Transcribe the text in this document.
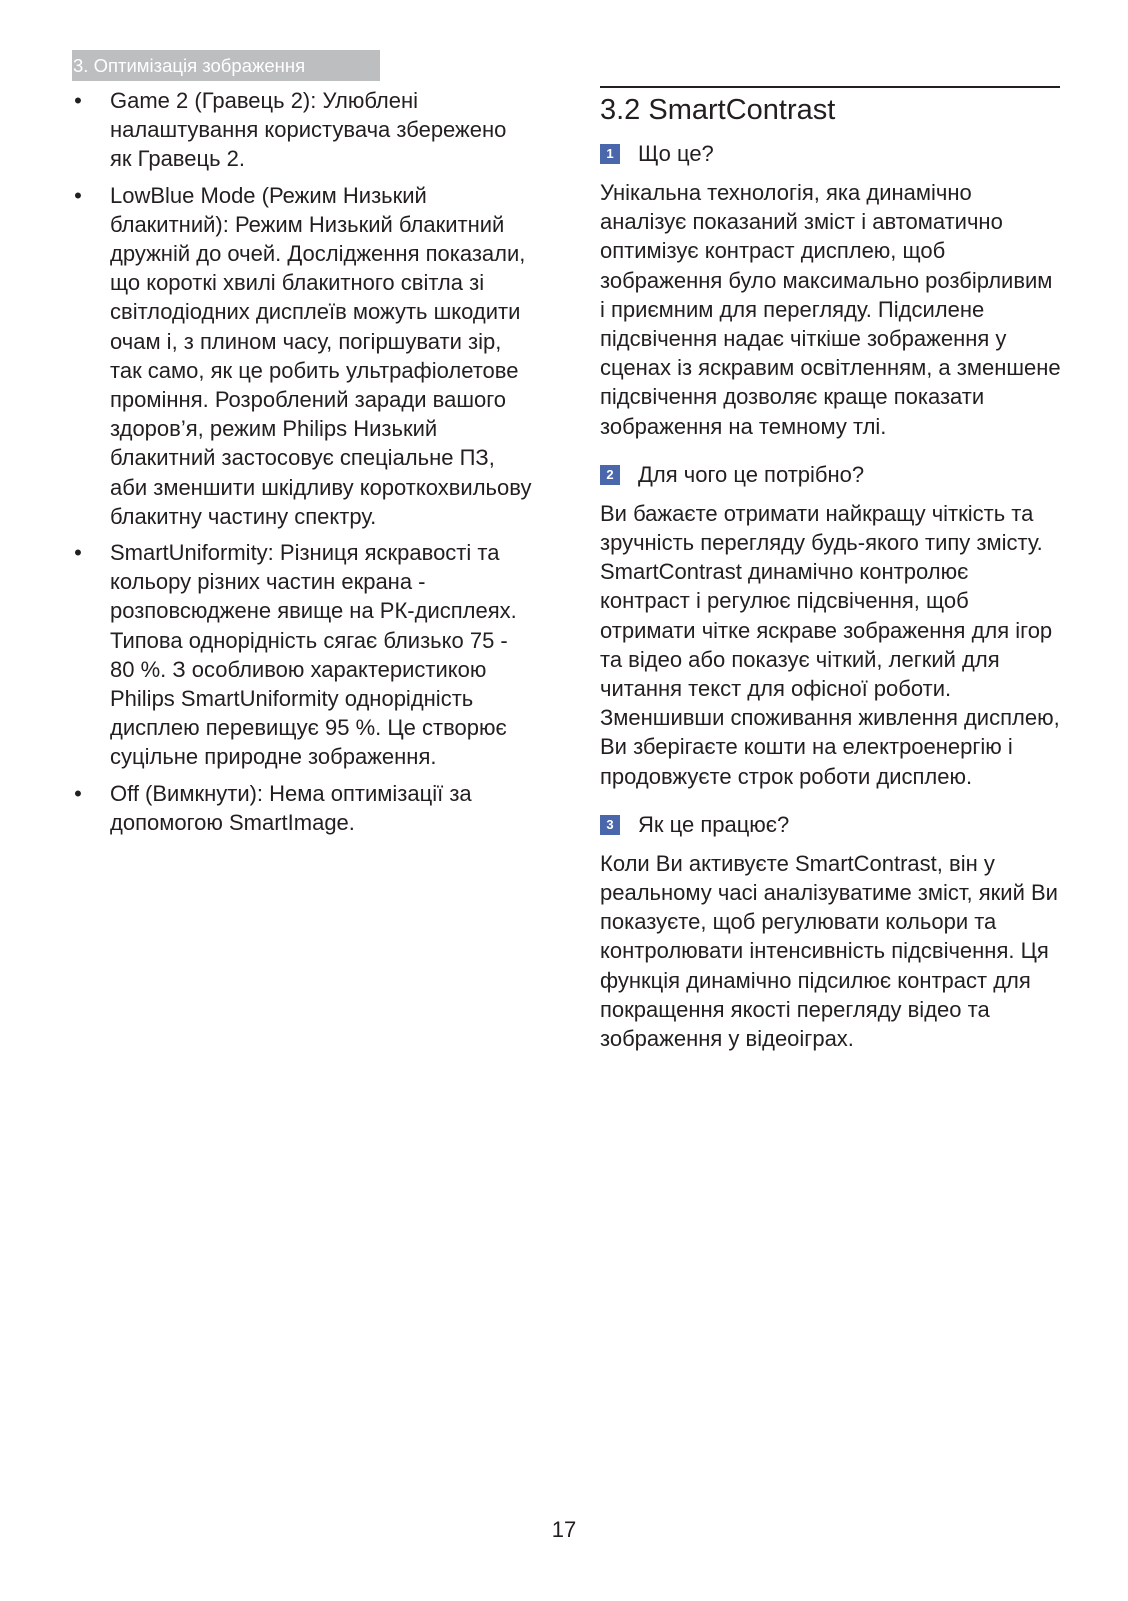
3. Оптимізація зображення
• Game 2 (Гравець 2): Улюблені налаштування користувача збережено як Гравець 2.
• LowBlue Mode (Режим Низький блакитний): Режим Низький блакитний дружній до очей. Дослідження показали, що короткі хвилі блакитного світла зі світлодіодних дисплеїв можуть шкодити очам і, з плином часу, погіршувати зір, так само, як це робить ультрафіолетове проміння. Розроблений заради вашого здоров’я, режим Philips Низький блакитний застосовує спеціальне ПЗ, аби зменшити шкідливу короткохвильову блакитну частину спектру.
• SmartUniformity: Різниця яскравості та кольору різних частин екрана - розповсюджене явище на РК-дисплеях. Типова однорідність сягає близько 75 - 80 %. З особливою характеристикою Philips SmartUniformity однорідність дисплею перевищує 95 %. Це створює суцільне природне зображення.
• Off (Вимкнути): Нема оптимізації за допомогою SmartImage.
3.2 SmartContrast
1 Що це?

Унікальна технологія, яка динамічно аналізує показаний зміст і автоматично оптимізує контраст дисплею, щоб зображення було максимально розбірливим і приємним для перегляду. Підсилене підсвічення надає чіткіше зображення у сценах із яскравим освітленням, а зменшене підсвічення дозволяє краще показати зображення на темному тлі.

2 Для чого це потрібно?

Ви бажаєте отримати найкращу чіткість та зручність перегляду будь-якого типу змісту. SmartContrast динамічно контролює контраст і регулює підсвічення, щоб отримати чітке яскраве зображення для ігор та відео або показує чіткий, легкий для читання текст для офісної роботи. Зменшивши споживання живлення дисплею, Ви зберігаєте кошти на електроенергію і продовжуєте строк роботи дисплею.

3 Як це працює?

Коли Ви активуєте SmartContrast, він у реальному часі аналізуватиме зміст, який Ви показуєте, щоб регулювати кольори та контролювати інтенсивність підсвічення. Ця функція динамічно підсилює контраст для покращення якості перегляду відео та зображення у відеоіграх.

17
